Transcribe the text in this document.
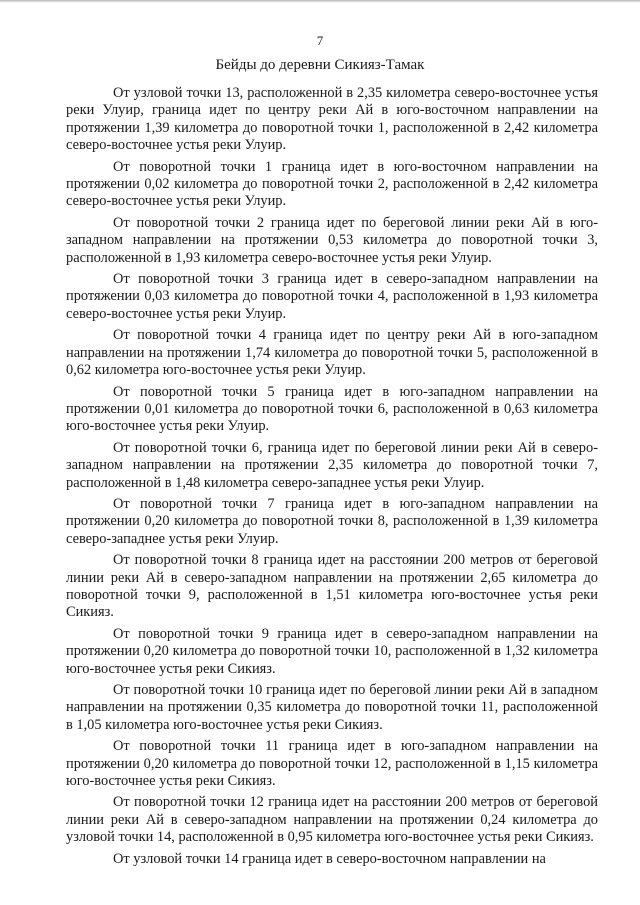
7
Бейды до деревни Сикияз-Тамак

От узловой точки 13, расположенной в 2,35 километра северо-восточнее устья реки Улуир, граница идет по центру реки Ай в юго-восточном направлении на протяжении 1,39 километра до поворотной точки 1, расположенной в 2,42 километра северо-восточнее устья реки Улуир.

От поворотной точки 1 граница идет в юго-восточном направлении на протяжении 0,02 километра до поворотной точки 2, расположенной в 2,42 километра северо-восточнее устья реки Улуир.

От поворотной точки 2 граница идет по береговой линии реки Ай в юго-западном направлении на протяжении 0,53 километра до поворотной точки 3, расположенной в 1,93 километра северо-восточнее устья реки Улуир.

От поворотной точки 3 граница идет в северо-западном направлении на протяжении 0,03 километра до поворотной точки 4, расположенной в 1,93 километра северо-восточнее устья реки Улуир.

От поворотной точки 4 граница идет по центру реки Ай в юго-западном направлении на протяжении 1,74 километра до поворотной точки 5, расположенной в 0,62 километра юго-восточнее устья реки Улуир.

От поворотной точки 5 граница идет в юго-западном направлении на протяжении 0,01 километра до поворотной точки 6, расположенной в 0,63 километра юго-восточнее устья реки Улуир.

От поворотной точки 6, граница идет по береговой линии реки Ай в северо-западном направлении на протяжении 2,35 километра до поворотной точки 7, расположенной в 1,48 километра северо-западнее устья реки Улуир.

От поворотной точки 7 граница идет в юго-западном направлении на протяжении 0,20 километра до поворотной точки 8, расположенной в 1,39 километра северо-западнее устья реки Улуир.

От поворотной точки 8 граница идет на расстоянии 200 метров от береговой линии реки Ай в северо-западном направлении на протяжении 2,65 километра до поворотной точки 9, расположенной в 1,51 километра юго-восточнее устья реки Сикияз.

От поворотной точки 9 граница идет в северо-западном направлении на протяжении 0,20 километра до поворотной точки 10, расположенной в 1,32 километра юго-восточнее устья реки Сикияз.

От поворотной точки 10 граница идет по береговой линии реки Ай в западном направлении на протяжении 0,35 километра до поворотной точки 11, расположенной в 1,05 километра юго-восточнее устья реки Сикияз.

От поворотной точки 11 граница идет в юго-западном направлении на протяжении 0,20 километра до поворотной точки 12, расположенной в 1,15 километра юго-восточнее устья реки Сикияз.

От поворотной точки 12 граница идет на расстоянии 200 метров от береговой линии реки Ай в северо-западном направлении на протяжении 0,24 километра до узловой точки 14, расположенной в 0,95 километра юго-восточнее устья реки Сикияз.

От узловой точки 14 граница идет в северо-восточном направлении на
